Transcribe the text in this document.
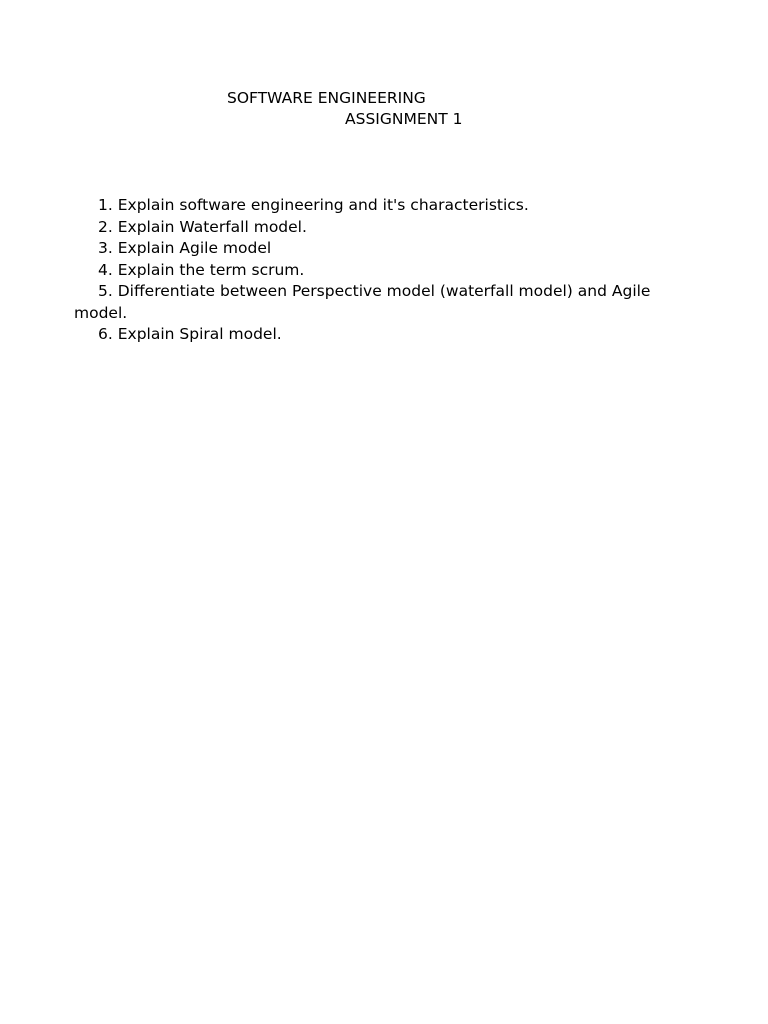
SOFTWARE ENGINEERING
ASSIGNMENT 1
1. Explain software engineering and it's characteristics.
2. Explain Waterfall model.
3. Explain Agile model
4. Explain the term scrum.
5. Differentiate between Perspective model (waterfall model) and Agile model.
6. Explain Spiral model.
